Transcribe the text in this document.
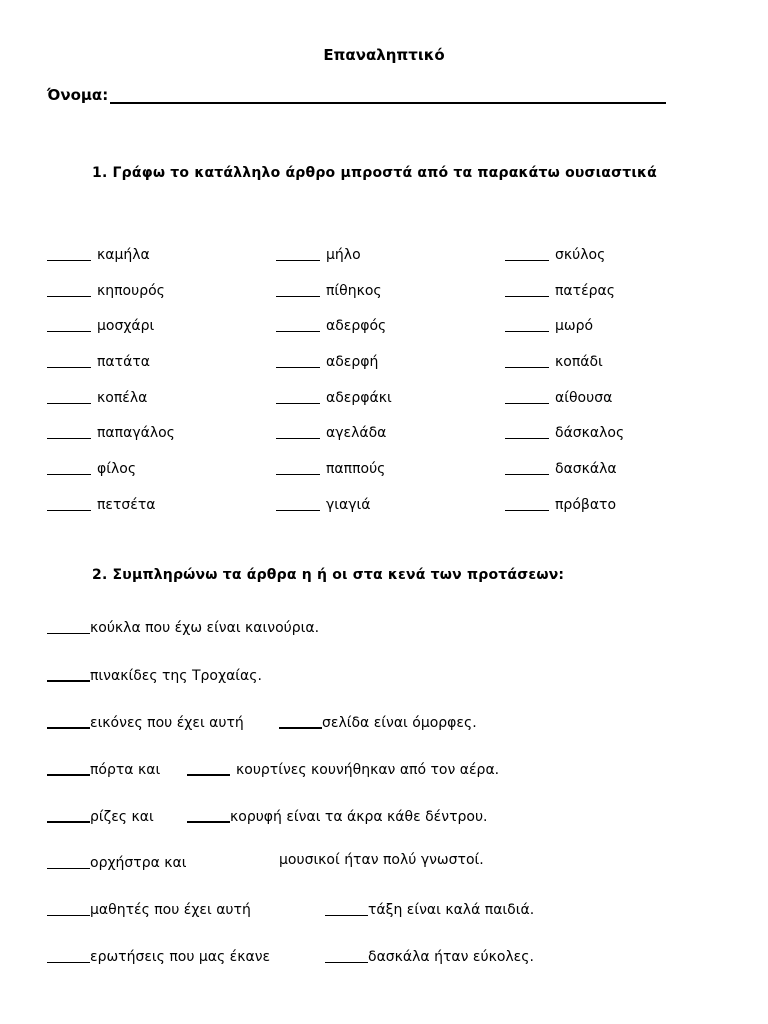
Επαναληπτικό
Όνομα:
1. Γράφω το κατάλληλο άρθρο μπροστά από τα παρακάτω ουσιαστικά
καμήλα	μήλο	σκύλος
κηπουρός	πίθηκος	πατέρας
μοσχάρι	αδερφός	μωρό
πατάτα	αδερφή	κοπάδι
κοπέλα	αδερφάκι	αίθουσα
παπαγάλος	αγελάδα	δάσκαλος
φίλος	παππούς	δασκάλα
πετσέτα	γιαγιά	πρόβατο
2. Συμπληρώνω τα άρθρα η ή οι στα κενά των προτάσεων:
κούκλα που έχω είναι καινούρια.
πινακίδες της Τροχαίας.
εικόνες που έχει αυτή	σελίδα είναι όμορφες.
πόρτα και	κουρτίνες κουνήθηκαν από τον αέρα.
ρίζες και	κορυφή είναι τα άκρα κάθε δέντρου.
ορχήστρα και	μουσικοί ήταν πολύ γνωστοί.
μαθητές που έχει αυτή	τάξη είναι καλά παιδιά.
ερωτήσεις που μας έκανε	δασκάλα ήταν εύκολες.
